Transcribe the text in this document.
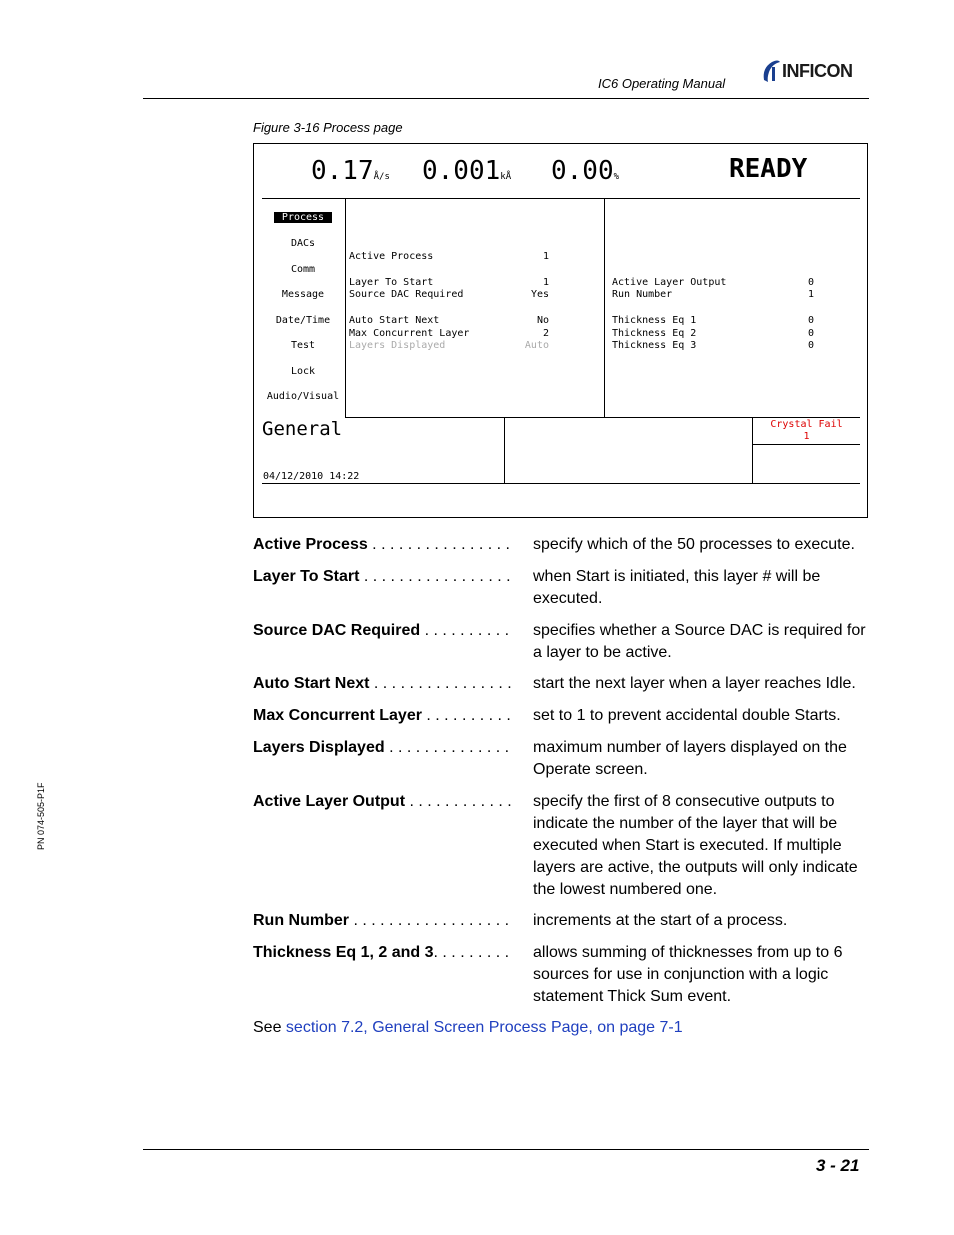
IC6 Operating Manual
INFICON
Figure 3-16 Process page
0.17Å/s 0.001kÅ 0.00%	READY
Process
DACs
Comm
Message
Date/Time
Test
Lock
Audio/Visual
Active Process	1
Layer To Start	1
Source DAC Required	Yes
Auto Start Next	No
Max Concurrent Layer	2
Layers Displayed	Auto
Active Layer Output	0
Run Number	1
Thickness Eq 1	0
Thickness Eq 2	0
Thickness Eq 3	0
General
04/12/2010 14:22
Crystal Fail
1
Active Process . . . . . . . . . . . . . . . . specify which of the 50 processes to execute.
Layer To Start . . . . . . . . . . . . . . . . . when Start is initiated, this layer # will be executed.
Source DAC Required . . . . . . . . . . specifies whether a Source DAC is required for a layer to be active.
Auto Start Next . . . . . . . . . . . . . . . . start the next layer when a layer reaches Idle.
Max Concurrent Layer . . . . . . . . . . set to 1 to prevent accidental double Starts.
Layers Displayed . . . . . . . . . . . . . . maximum number of layers displayed on the Operate screen.
Active Layer Output . . . . . . . . . . . . specify the first of 8 consecutive outputs to indicate the number of the layer that will be executed when Start is executed. If multiple layers are active, the outputs will only indicate the lowest numbered one.
Run Number . . . . . . . . . . . . . . . . . . increments at the start of a process.
Thickness Eq 1, 2 and 3. . . . . . . . . allows summing of thicknesses from up to 6 sources for use in conjunction with a logic statement Thick Sum event.
See section 7.2, General Screen Process Page, on page 7-1
PN 074-505-P1F
3 - 21
